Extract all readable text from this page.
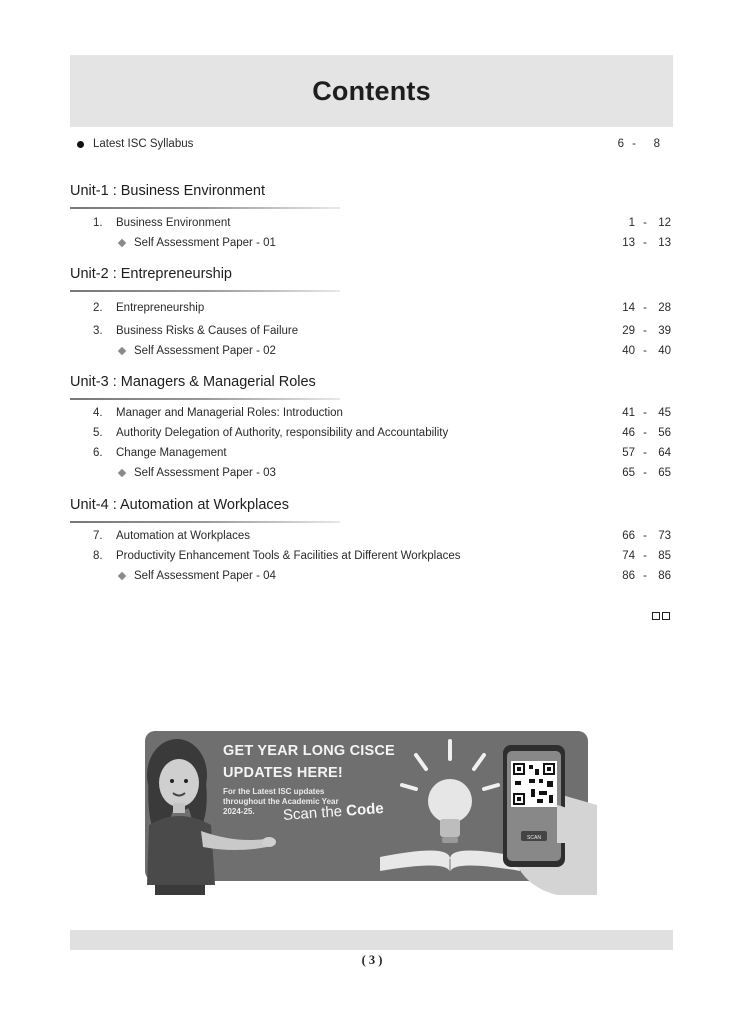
Contents
Latest ISC Syllabus	6 - 8
Unit-1 : Business Environment
1. Business Environment	1 - 12
Self Assessment Paper - 01	13 - 13
Unit-2 : Entrepreneurship
2. Entrepreneurship	14 - 28
3. Business Risks & Causes of Failure	29 - 39
Self Assessment Paper - 02	40 - 40
Unit-3 : Managers & Managerial Roles
4. Manager and Managerial Roles: Introduction	41 - 45
5. Authority Delegation of Authority, responsibility and Accountability	46 - 56
6. Change Management	57 - 64
Self Assessment Paper - 03	65 - 65
Unit-4 : Automation at Workplaces
7. Automation at Workplaces	66 - 73
8. Productivity Enhancement Tools & Facilities at Different Workplaces	74 - 85
Self Assessment Paper - 04	86 - 86
GET YEAR LONG CISCE
UPDATES HERE!
For the Latest ISC updates
throughout the Academic Year
2024-25. Scan the Code
SCAN
( 3 )
